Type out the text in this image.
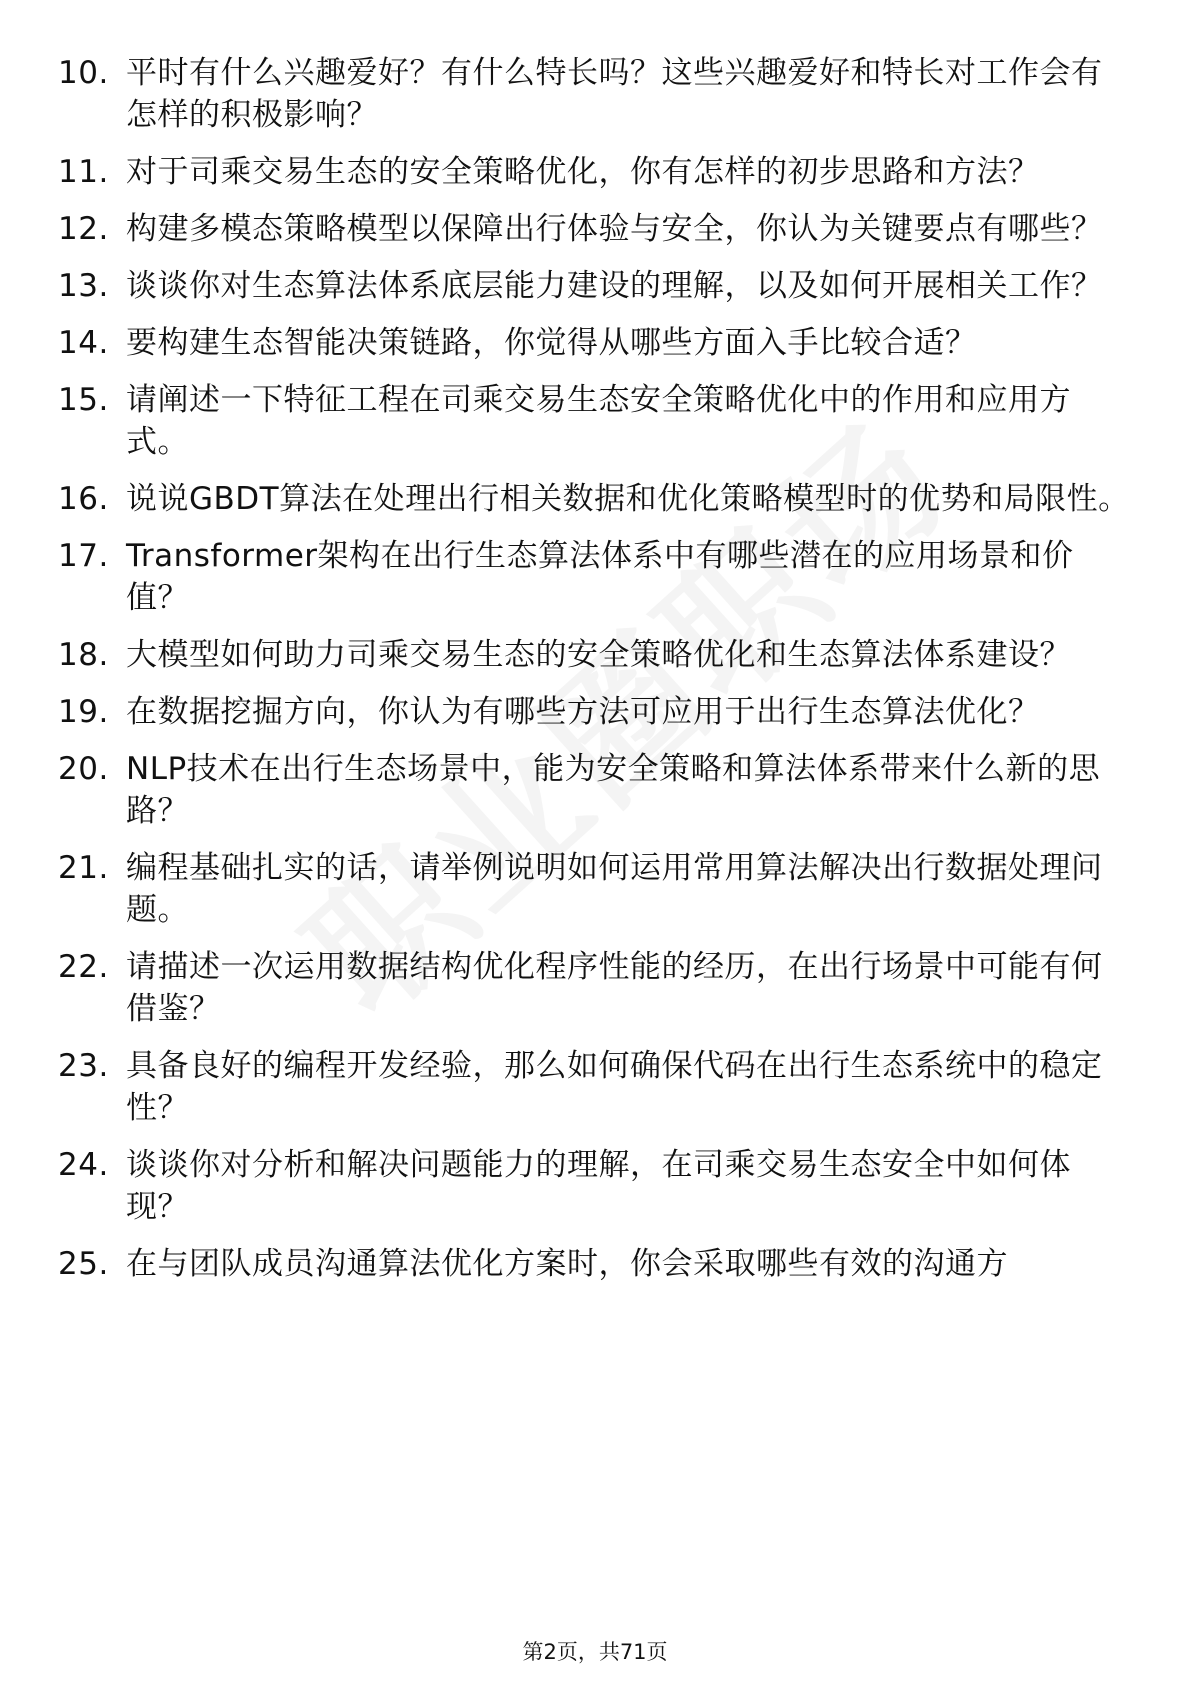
10. 平时有什么兴趣爱好？有什么特长吗？这些兴趣爱好和特长对工作会有怎样的积极影响？
11. 对于司乘交易生态的安全策略优化，你有怎样的初步思路和方法？
12. 构建多模态策略模型以保障出行体验与安全，你认为关键要点有哪些？
13. 谈谈你对生态算法体系底层能力建设的理解，以及如何开展相关工作？
14. 要构建生态智能决策链路，你觉得从哪些方面入手比较合适？
15. 请阐述一下特征工程在司乘交易生态安全策略优化中的作用和应用方式。
16. 说说GBDT算法在处理出行相关数据和优化策略模型时的优势和局限性。
17. Transformer架构在出行生态算法体系中有哪些潜在的应用场景和价值？
18. 大模型如何助力司乘交易生态的安全策略优化和生态算法体系建设？
19. 在数据挖掘方向，你认为有哪些方法可应用于出行生态算法优化？
20. NLP技术在出行生态场景中，能为安全策略和算法体系带来什么新的思路？
21. 编程基础扎实的话，请举例说明如何运用常用算法解决出行数据处理问题。
22. 请描述一次运用数据结构优化程序性能的经历，在出行场景中可能有何借鉴？
23. 具备良好的编程开发经验，那么如何确保代码在出行生态系统中的稳定性？
24. 谈谈你对分析和解决问题能力的理解，在司乘交易生态安全中如何体现？
25. 在与团队成员沟通算法优化方案时，你会采取哪些有效的沟通方
第2页，共71页
